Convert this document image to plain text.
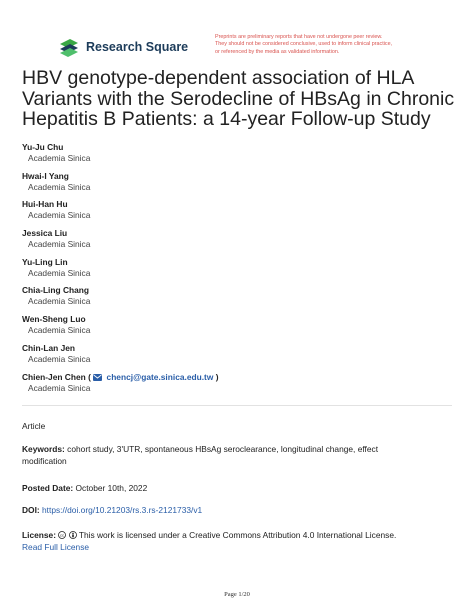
Research Square
Preprints are preliminary reports that have not undergone peer review.
They should not be considered conclusive, used to inform clinical practice,
or referenced by the media as validated information.
HBV genotype-dependent association of HLA
Variants with the Serodecline of HBsAg in Chronic
Hepatitis B Patients: a 14-year Follow-up Study
Yu-Ju Chu
Academia Sinica
Hwai-I Yang
Academia Sinica
Hui-Han Hu
Academia Sinica
Jessica Liu
Academia Sinica
Yu-Ling Lin
Academia Sinica
Chia-Ling Chang
Academia Sinica
Wen-Sheng Luo
Academia Sinica
Chin-Lan Jen
Academia Sinica
Chien-Jen Chen ( chencj@gate.sinica.edu.tw )
Academia Sinica
Article
Keywords: cohort study, 3'UTR, spontaneous HBsAg seroclearance, longitudinal change, effect
modification
Posted Date: October 10th, 2022
DOI: https://doi.org/10.21203/rs.3.rs-2121733/v1
License: cc This work is licensed under a Creative Commons Attribution 4.0 International License.
Read Full License
Page 1/20
